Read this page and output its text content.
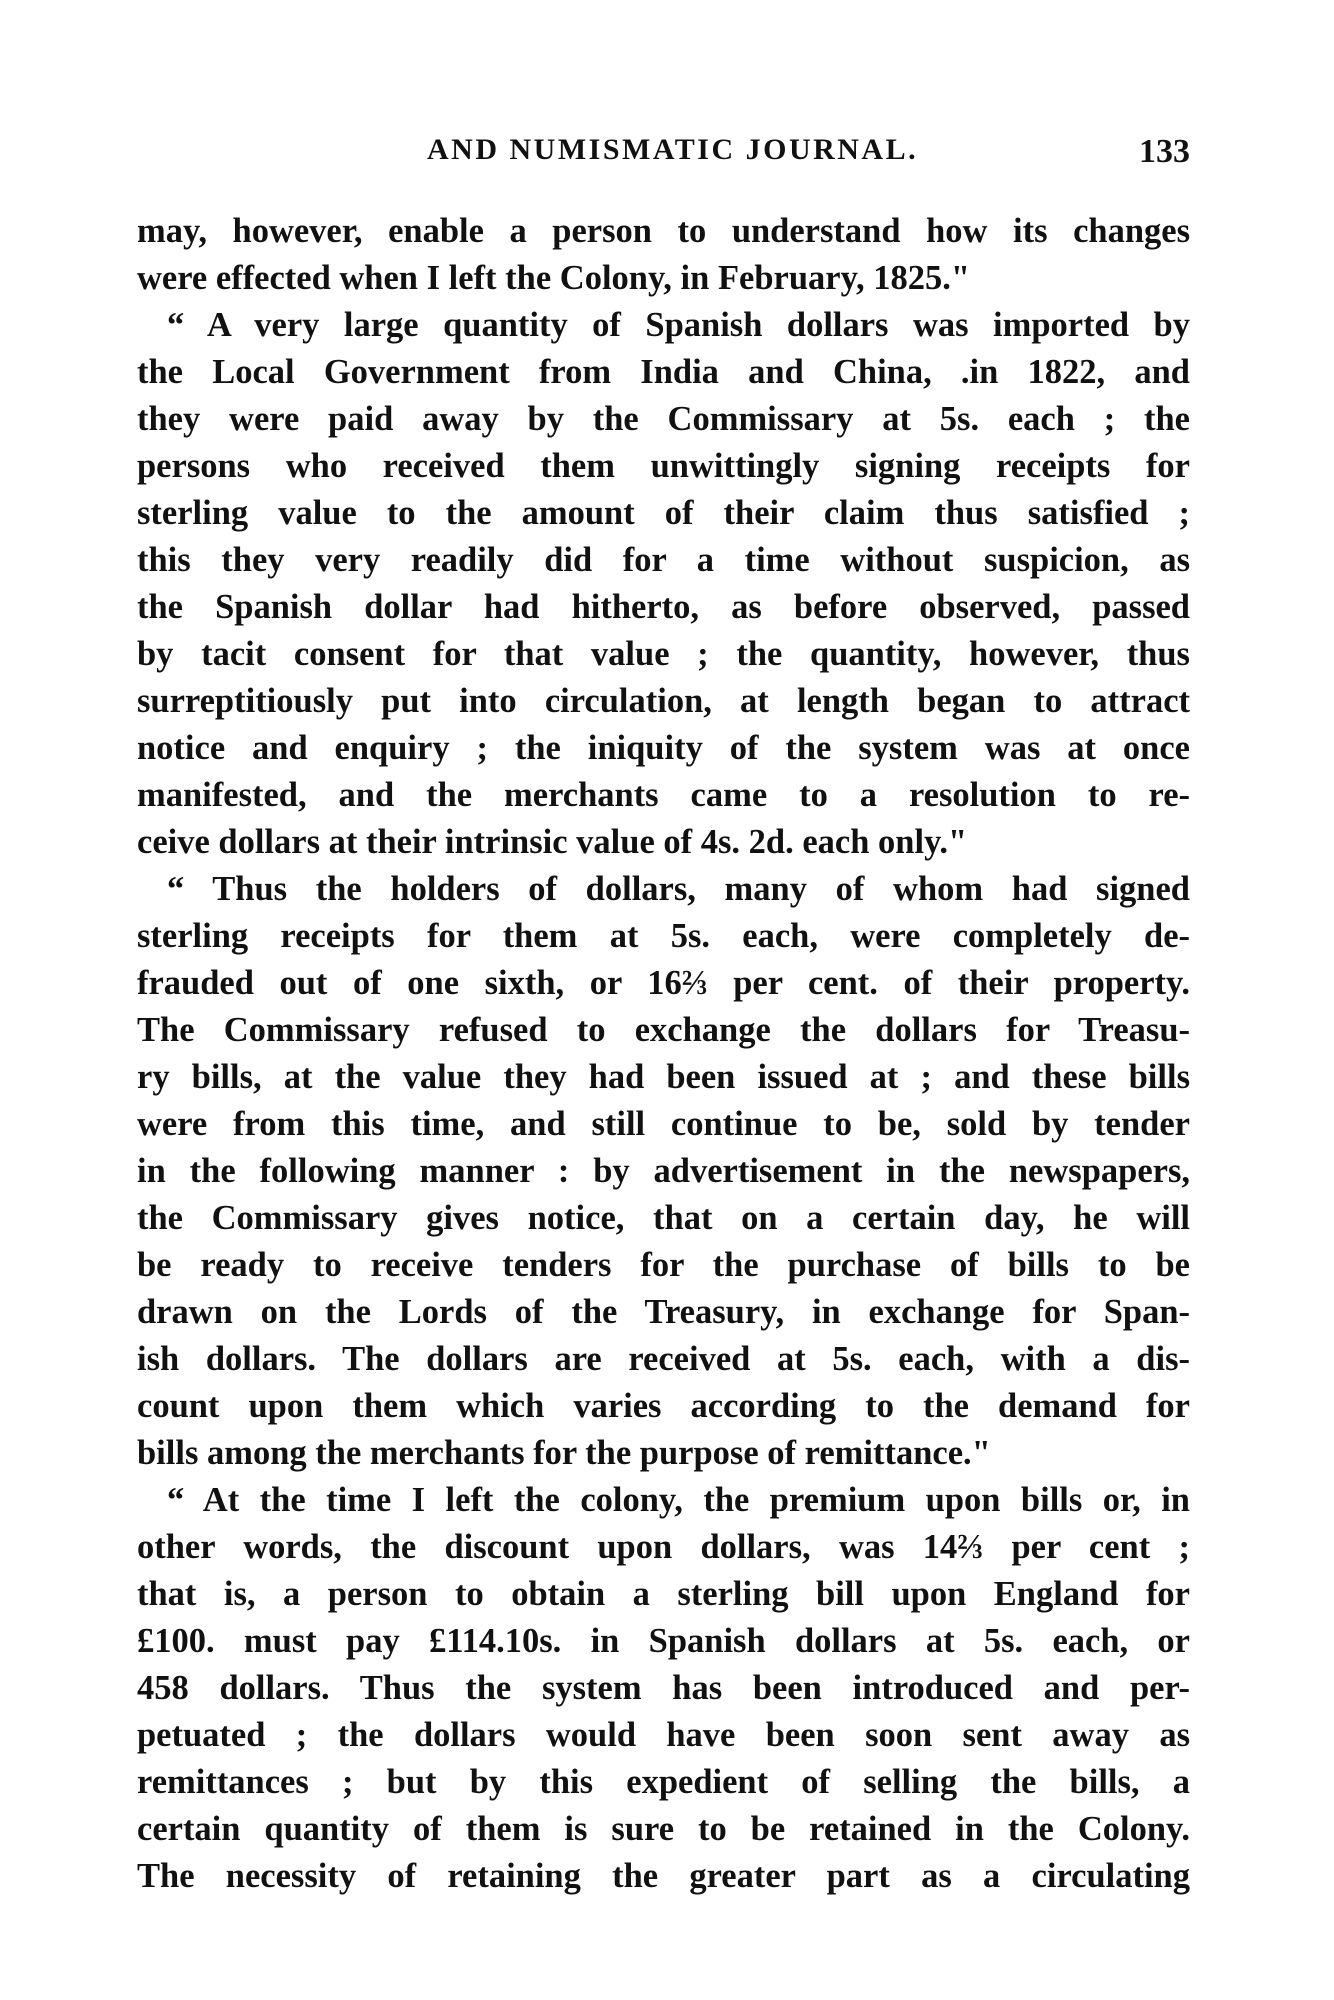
AND NUMISMATIC JOURNAL.	133
may, however, enable a person to understand how its changes
were effected when I left the Colony, in February, 1825."
“ A very large quantity of Spanish dollars was imported by
the Local Government from India and China, .in 1822, and
they were paid away by the Commissary at 5s. each ; the
persons who received them unwittingly signing receipts for
sterling value to the amount of their claim thus satisfied ;
this they very readily did for a time without suspicion, as
the Spanish dollar had hitherto, as before observed, passed
by tacit consent for that value ; the quantity, however, thus
surreptitiously put into circulation, at length began to attract
notice and enquiry ; the iniquity of the system was at once
manifested, and the merchants came to a resolution to re-
ceive dollars at their intrinsic value of 4s. 2d. each only."
“ Thus the holders of dollars, many of whom had signed
sterling receipts for them at 5s. each, were completely de-
frauded out of one sixth, or 16⅔ per cent. of their property.
The Commissary refused to exchange the dollars for Treasu-
ry bills, at the value they had been issued at ; and these bills
were from this time, and still continue to be, sold by tender
in the following manner : by advertisement in the newspapers,
the Commissary gives notice, that on a certain day, he will
be ready to receive tenders for the purchase of bills to be
drawn on the Lords of the Treasury, in exchange for Span-
ish dollars. The dollars are received at 5s. each, with a dis-
count upon them which varies according to the demand for
bills among the merchants for the purpose of remittance."
“ At the time I left the colony, the premium upon bills or, in
other words, the discount upon dollars, was 14⅔ per cent ;
that is, a person to obtain a sterling bill upon England for
£100. must pay £114.10s. in Spanish dollars at 5s. each, or
458 dollars. Thus the system has been introduced and per-
petuated ; the dollars would have been soon sent away as
remittances ; but by this expedient of selling the bills, a
certain quantity of them is sure to be retained in the Colony.
The necessity of retaining the greater part as a circulating
